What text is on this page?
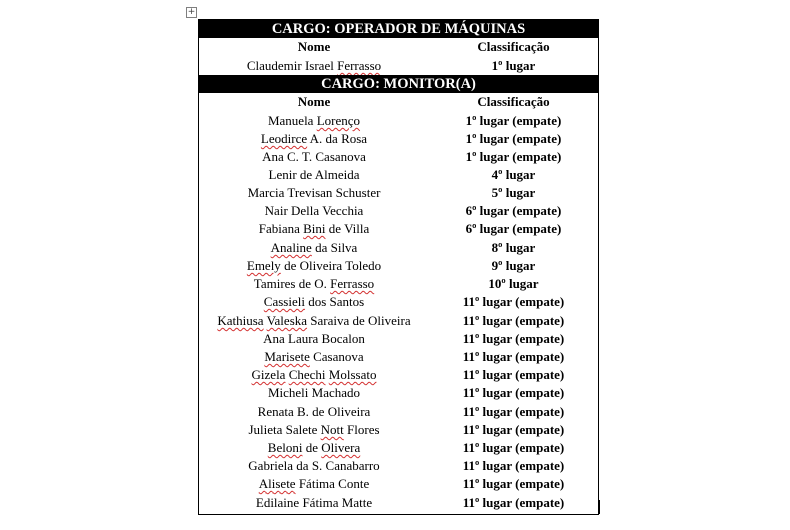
+
CARGO: OPERADOR DE MÁQUINAS
Nome	Classificação
Claudemir Israel Ferrasso	1º lugar
CARGO: MONITOR(A)
Nome	Classificação
Manuela Lorenço	1º lugar (empate)
Leodirce A. da Rosa	1º lugar (empate)
Ana C. T. Casanova	1º lugar (empate)
Lenir de Almeida	4º lugar
Marcia Trevisan Schuster	5º lugar
Nair Della Vecchia	6º lugar (empate)
Fabiana Bini de Villa	6º lugar (empate)
Analine da Silva	8º lugar
Emely de Oliveira Toledo	9º lugar
Tamires de O. Ferrasso	10º lugar
Cassieli dos Santos	11º lugar (empate)
Kathiusa Valeska Saraiva de Oliveira	11º lugar (empate)
Ana Laura Bocalon	11º lugar (empate)
Marisete Casanova	11º lugar (empate)
Gizela Chechi Molssato	11º lugar (empate)
Micheli Machado	11º lugar (empate)
Renata B. de Oliveira	11º lugar (empate)
Julieta Salete Nott Flores	11º lugar (empate)
Beloni de Olivera	11º lugar (empate)
Gabriela da S. Canabarro	11º lugar (empate)
Alisete Fátima Conte	11º lugar (empate)
Edilaine Fátima Matte	11º lugar (empate)
